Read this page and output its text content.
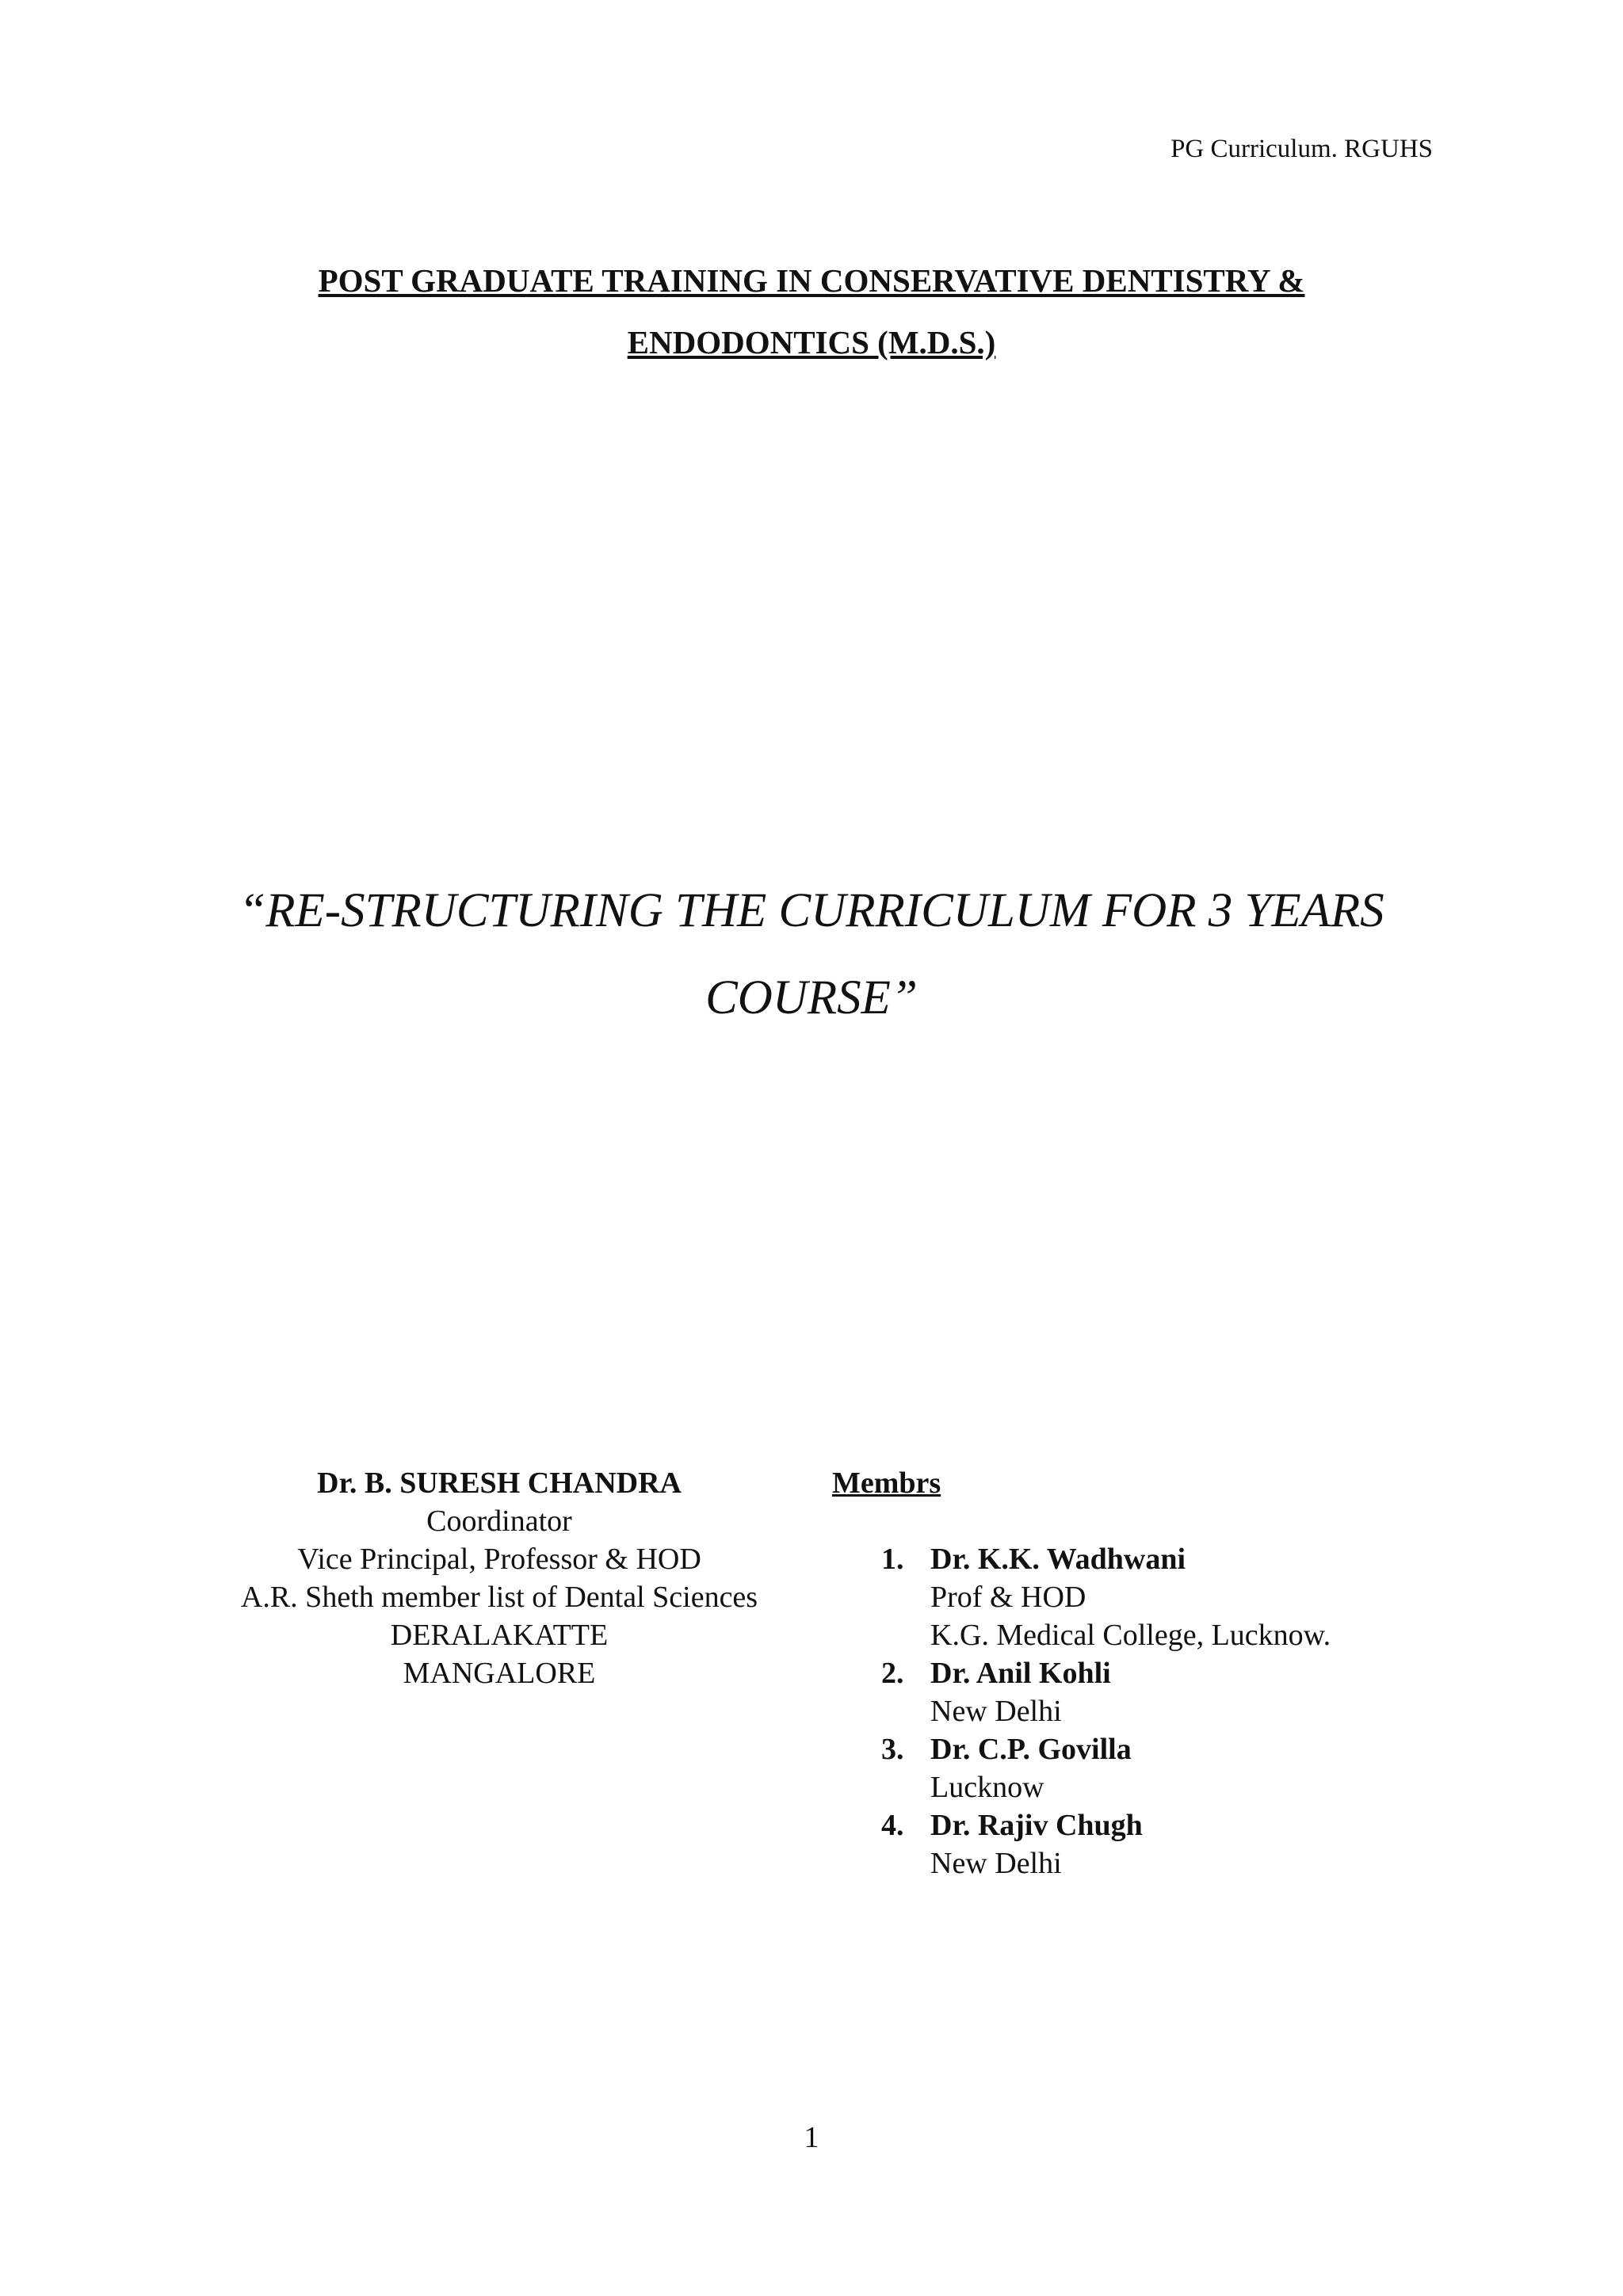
PG Curriculum. RGUHS
POST GRADUATE TRAINING IN CONSERVATIVE DENTISTRY &
ENDODONTICS (M.D.S.)
“RE-STRUCTURING THE CURRICULUM FOR 3 YEARS
COURSE”
Dr. B. SURESH CHANDRA
Coordinator
Vice Principal, Professor & HOD
A.R. Sheth member list of Dental Sciences
DERALAKATTE
MANGALORE
Membrs
1. Dr. K.K. Wadhwani
Prof & HOD
K.G. Medical College, Lucknow.
2. Dr. Anil Kohli
New Delhi
3. Dr. C.P. Govilla
Lucknow
4. Dr. Rajiv Chugh
New Delhi
1
